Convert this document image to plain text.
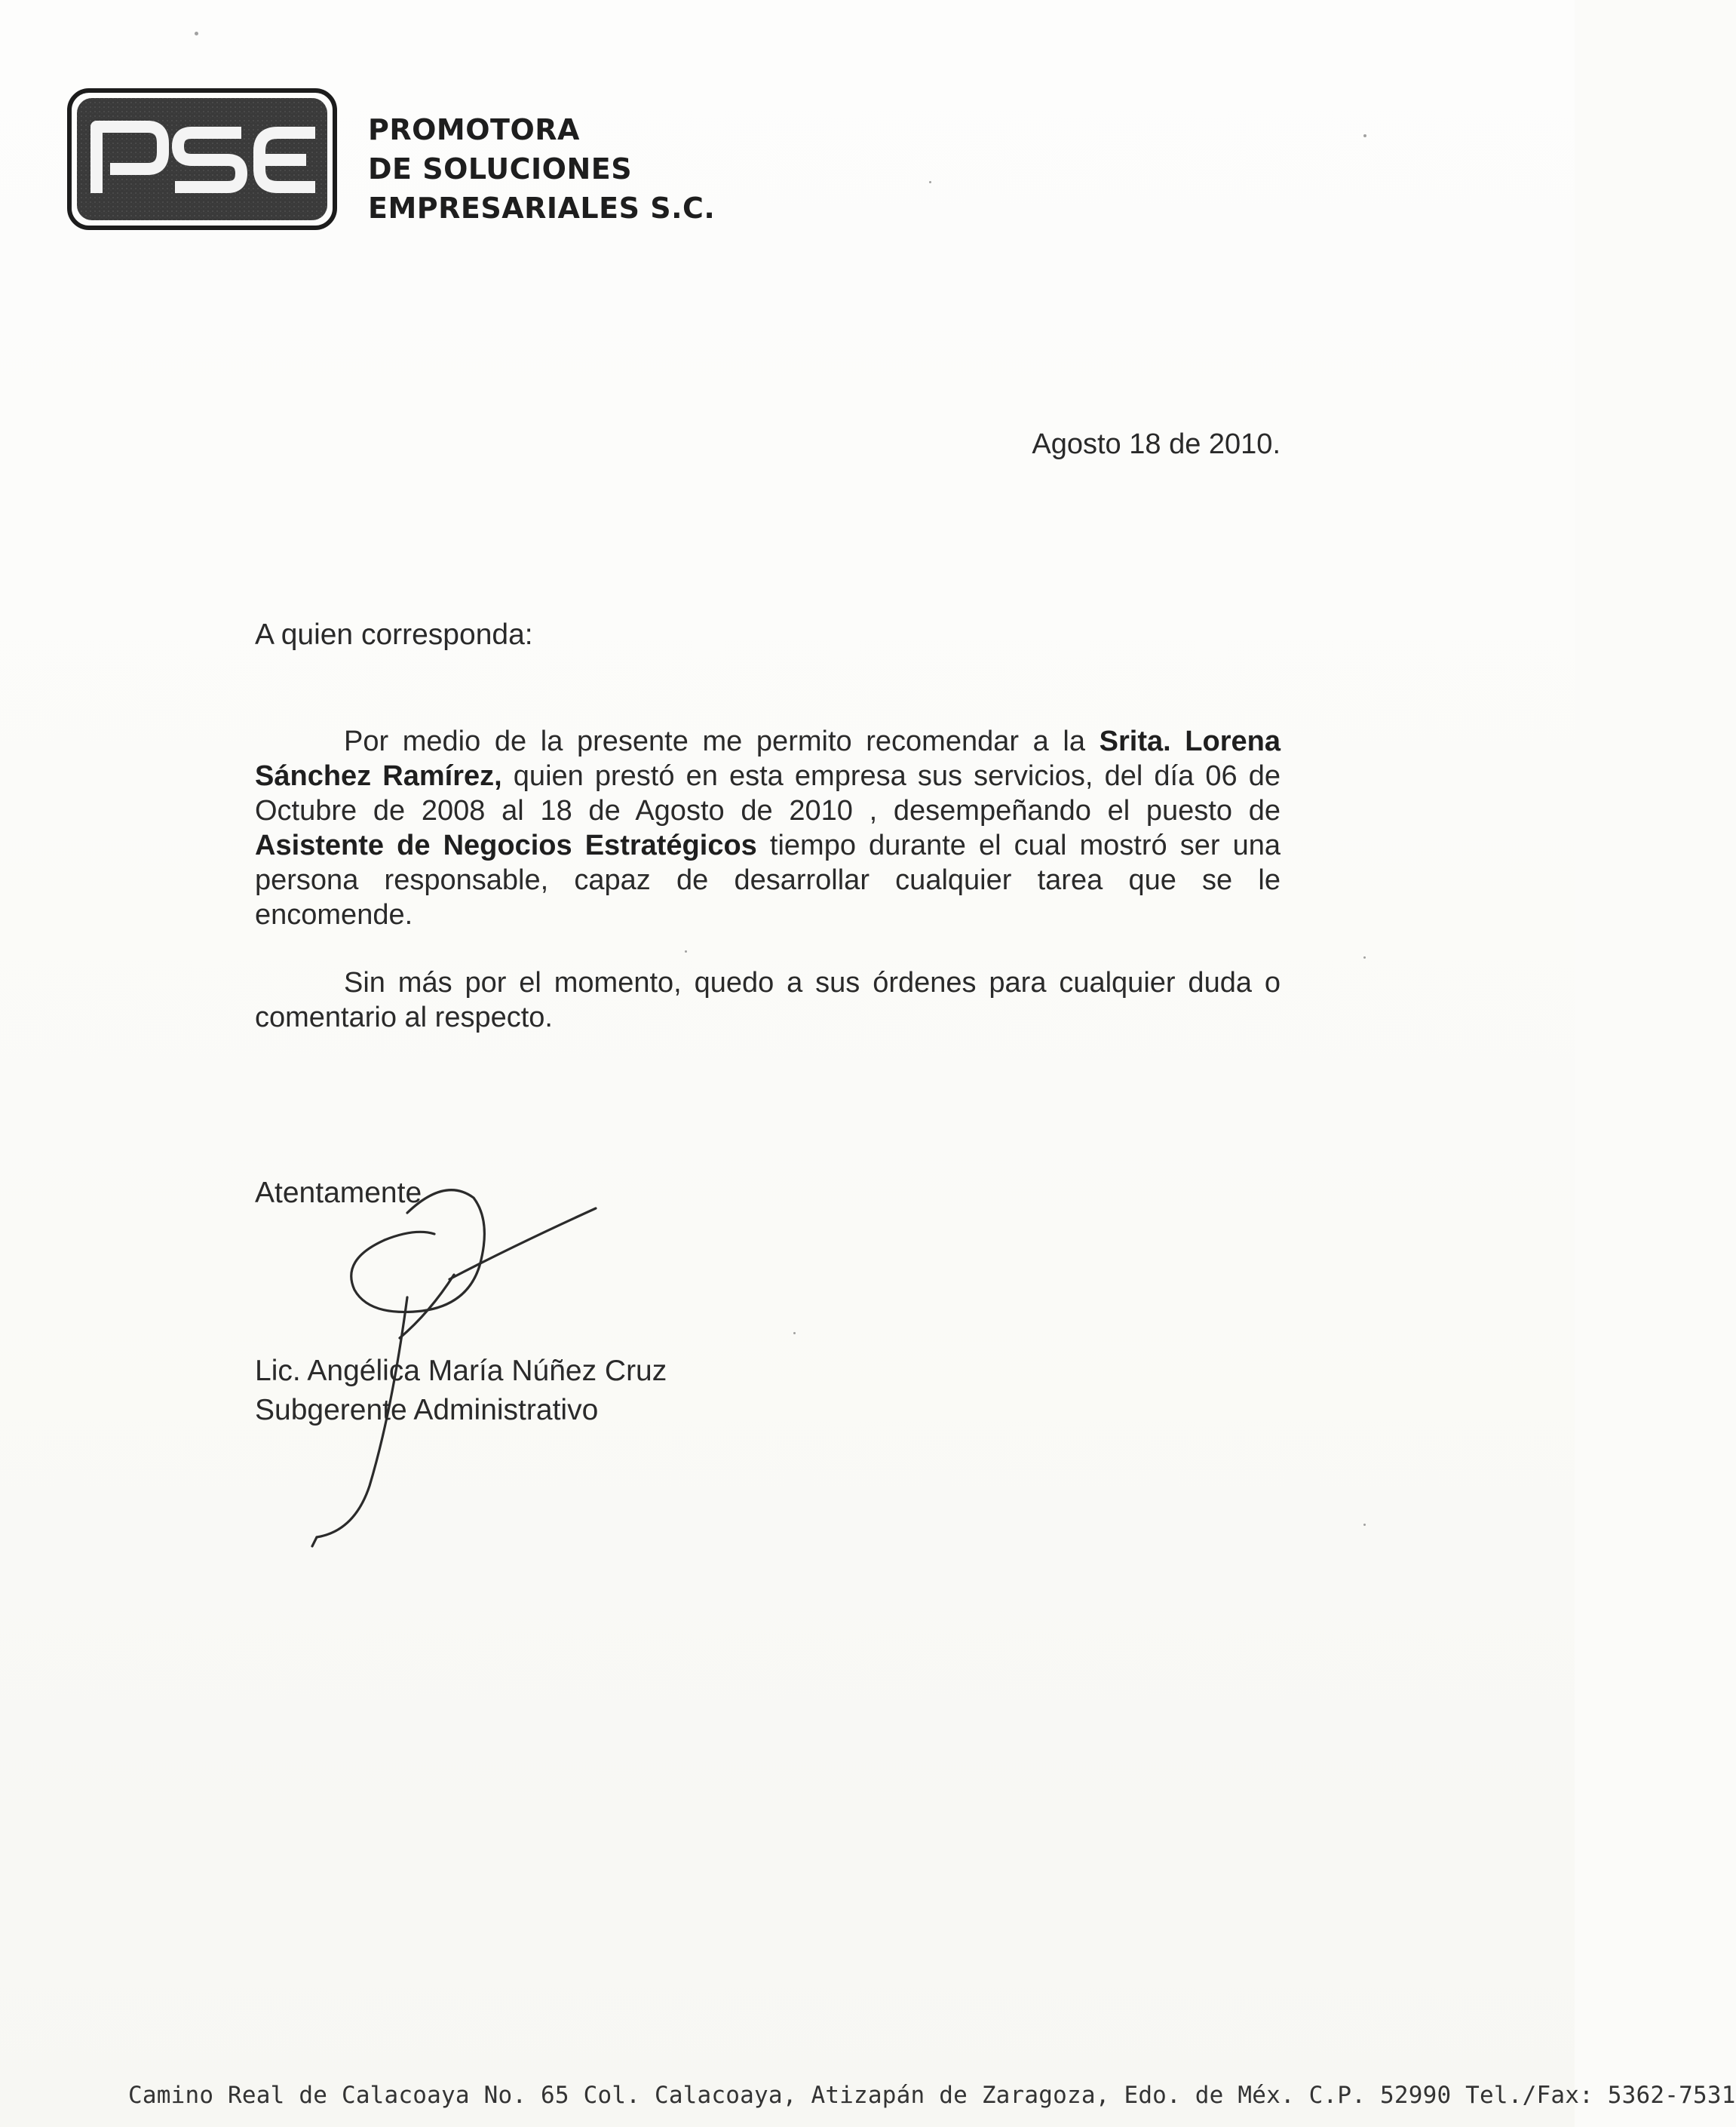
PROMOTORA
DE SOLUCIONES
EMPRESARIALES S.C.
Agosto 18 de 2010.
A quien corresponda:
Por medio de la presente me permito recomendar a la Srita. Lorena Sánchez Ramírez, quien prestó en esta empresa sus servicios, del día 06 de Octubre de 2008 al 18 de Agosto de 2010 , desempeñando el puesto de Asistente de Negocios Estratégicos tiempo durante el cual mostró ser una persona responsable, capaz de desarrollar cualquier tarea que se le encomende.
Sin más por el momento, quedo a sus órdenes para cualquier duda o comentario al respecto.
Atentamente
Lic. Angélica María Núñez Cruz
Subgerente Administrativo
Camino Real de Calacoaya No. 65 Col. Calacoaya, Atizapán de Zaragoza, Edo. de Méx. C.P. 52990 Tel./Fax: 5362-7531
